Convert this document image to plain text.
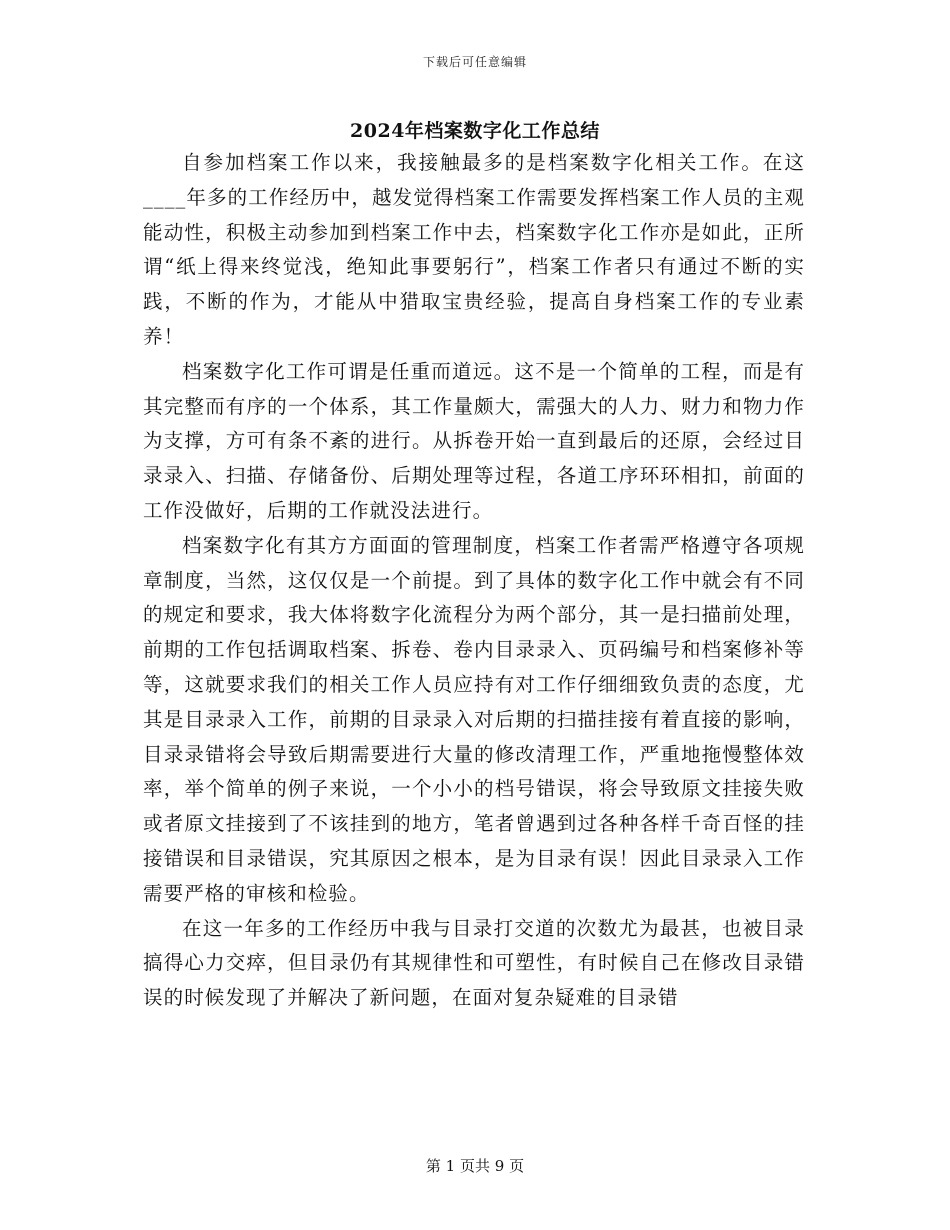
下载后可任意编辑
2024年档案数字化工作总结

自参加档案工作以来，我接触最多的是档案数字化相关工作。在这____年多的工作经历中，越发觉得档案工作需要发挥档案工作人员的主观能动性，积极主动参加到档案工作中去，档案数字化工作亦是如此，正所谓“纸上得来终觉浅，绝知此事要躬行”，档案工作者只有通过不断的实践，不断的作为，才能从中猎取宝贵经验，提高自身档案工作的专业素养！

档案数字化工作可谓是任重而道远。这不是一个简单的工程，而是有其完整而有序的一个体系，其工作量颇大，需强大的人力、财力和物力作为支撑，方可有条不紊的进行。从拆卷开始一直到最后的还原，会经过目录录入、扫描、存储备份、后期处理等过程，各道工序环环相扣，前面的工作没做好，后期的工作就没法进行。

档案数字化有其方方面面的管理制度，档案工作者需严格遵守各项规章制度，当然，这仅仅是一个前提。到了具体的数字化工作中就会有不同的规定和要求，我大体将数字化流程分为两个部分，其一是扫描前处理，前期的工作包括调取档案、拆卷、卷内目录录入、页码编号和档案修补等等，这就要求我们的相关工作人员应持有对工作仔细细致负责的态度，尤其是目录录入工作，前期的目录录入对后期的扫描挂接有着直接的影响，目录录错将会导致后期需要进行大量的修改清理工作，严重地拖慢整体效率，举个简单的例子来说，一个小小的档号错误，将会导致原文挂接失败或者原文挂接到了不该挂到的地方，笔者曾遇到过各种各样千奇百怪的挂接错误和目录错误，究其原因之根本，是为目录有误！因此目录录入工作需要严格的审核和检验。

在这一年多的工作经历中我与目录打交道的次数尤为最甚，也被目录搞得心力交瘁，但目录仍有其规律性和可塑性，有时候自己在修改目录错误的时候发现了并解决了新问题，在面对复杂疑难的目录错

第 1 页共 9 页
